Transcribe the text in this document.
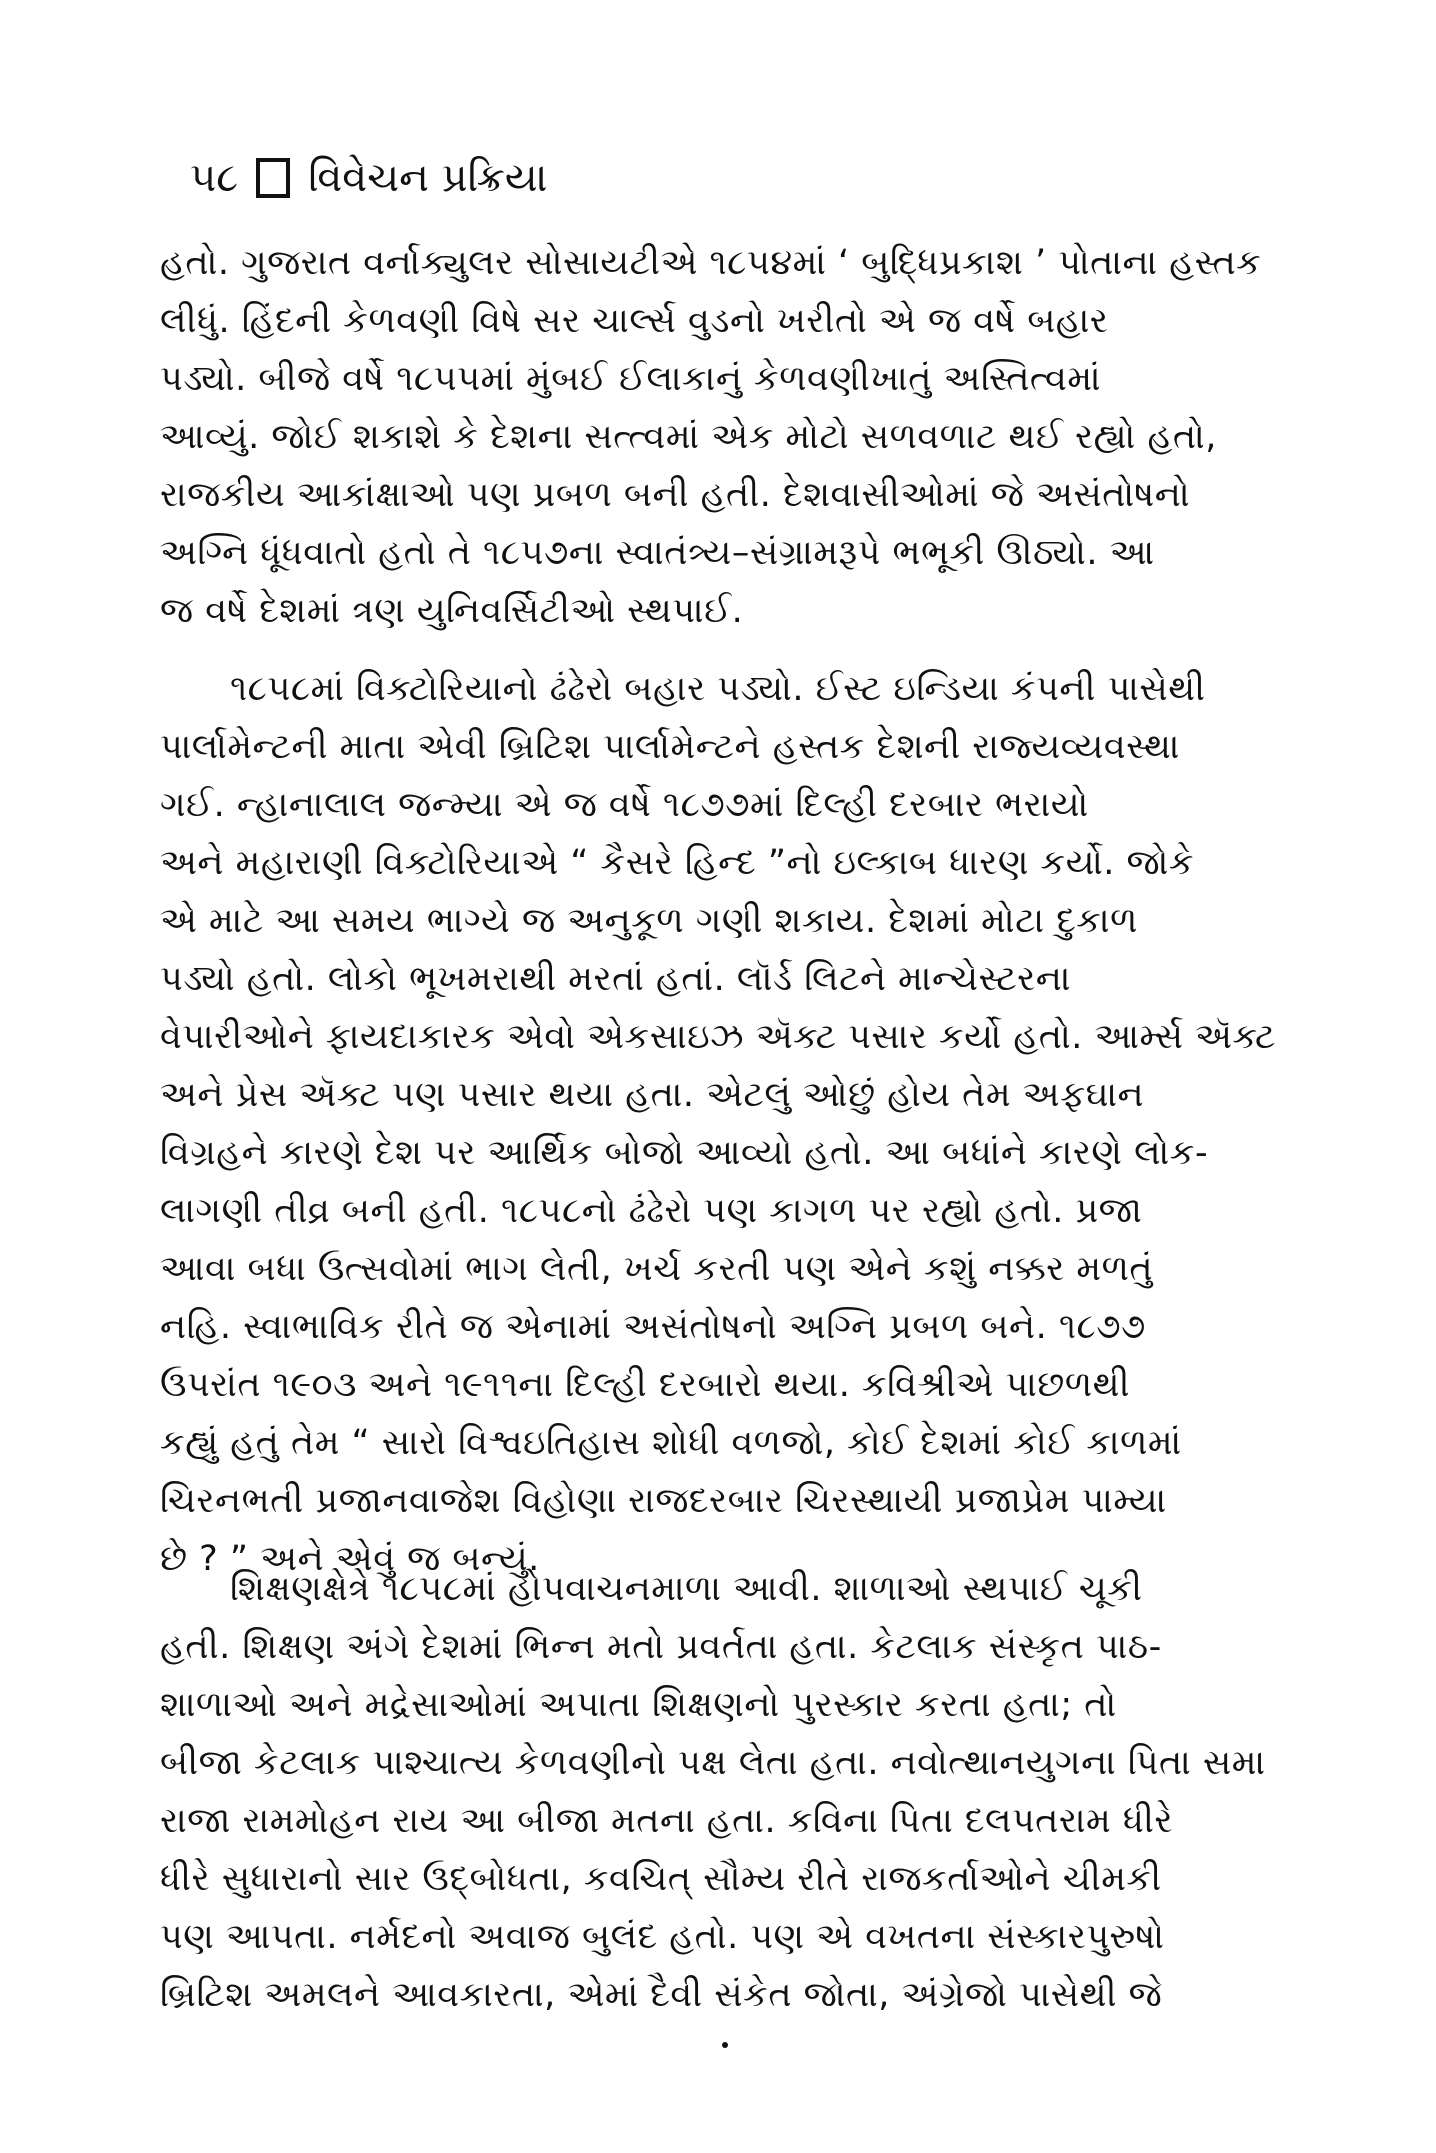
૫૮ વિવેચન પ્રક્રિયા
હતો. ગુજરાત વર્નાક્યુલર સોસાયટીએ ૧૮૫૪માં ‘ બુદ્ધિપ્રકાશ ’ પોતાના હસ્તક
લીધું. હિંદની કેળવણી વિષે સર ચાર્લ્સ વુડનો ખરીતો એ જ વર્ષે બહાર
પડ્યો. બીજે વર્ષે ૧૮૫૫માં મુંબઈ ઈલાકાનું કેળવણીખાતું અસ્તિત્વમાં
આવ્યું. જોઈ શકાશે કે દેશના સત્ત્વમાં એક મોટો સળવળાટ થઈ રહ્યો હતો,
રાજકીય આકાંક્ષાઓ પણ પ્રબળ બની હતી. દેશવાસીઓમાં જે અસંતોષનો
અગ્નિ ધૂંધવાતો હતો તે ૧૮૫૭ના સ્વાતંત્ર્ય–સંગ્રામરૂપે ભભૂકી ઊઠ્યો. આ
જ વર્ષે દેશમાં ત્રણ યુનિવર્સિટીઓ સ્થપાઈ.
૧૮૫૮માં વિક્ટોરિયાનો ઢંઢેરો બહાર પડ્યો. ઈસ્ટ ઇન્ડિયા કંપની પાસેથી
પાર્લામેન્ટની માતા એવી બ્રિટિશ પાર્લામેન્ટને હસ્તક દેશની રાજ્યવ્યવસ્થા
ગઈ. ન્હાનાલાલ જન્મ્યા એ જ વર્ષે ૧૮૭૭માં દિલ્હી દરબાર ભરાયો
અને મહારાણી વિક્ટોરિયાએ “ કૈસરે હિન્દ ”નો ઇલ્કાબ ધારણ કર્યો. જોકે
એ માટે આ સમય ભાગ્યે જ અનુકૂળ ગણી શકાય. દેશમાં મોટા દુકાળ
પડ્યો હતો. લોકો ભૂખમરાથી મરતાં હતાં. લૉર્ડ લિટને માન્ચેસ્ટરના
વેપારીઓને ફાયદાકારક એવો એકસાઇઝ ઍક્ટ પસાર કર્યો હતો. આર્મ્સ ઍક્ટ
અને પ્રેસ ઍક્ટ પણ પસાર થયા હતા. એટલું ઓછું હોય તેમ અફઘાન
વિગ્રહને કારણે દેશ પર આર્થિક બોજો આવ્યો હતો. આ બધાંને કારણે લોક-
લાગણી તીવ્ર બની હતી. ૧૮૫૮નો ઢંઢેરો પણ કાગળ પર રહ્યો હતો. પ્રજા
આવા બધા ઉત્સવોમાં ભાગ લેતી, ખર્ચ કરતી પણ એને કશું નક્કર મળતું
નહિ. સ્વાભાવિક રીતે જ એનામાં અસંતોષનો અગ્નિ પ્રબળ બને. ૧૮૭૭
ઉપરાંત ૧૯૦૩ અને ૧૯૧૧ના દિલ્હી દરબારો થયા. કવિશ્રીએ પાછળથી
કહ્યું હતું તેમ “ સારો વિશ્વઇતિહાસ શોધી વળજો, કોઈ દેશમાં કોઈ કાળમાં
ચિરનભતી પ્રજાનવાજેશ વિહોણા રાજદરબાર ચિરસ્થાયી પ્રજાપ્રેમ પામ્યા
છે ? ” અને એવું જ બન્યું.
શિક્ષણક્ષેત્રે ૧૮૫૮માં હોપવાચનમાળા આવી. શાળાઓ સ્થપાઈ ચૂકી
હતી. શિક્ષણ અંગે દેશમાં ભિન્ન મતો પ્રવર્તતા હતા. કેટલાક સંસ્કૃત પાઠ-
શાળાઓ અને મદ્રેસાઓમાં અપાતા શિક્ષણનો પુરસ્કાર કરતા હતા; તો
બીજા કેટલાક પાશ્ચાત્ય કેળવણીનો પક્ષ લેતા હતા. નવોત્થાનયુગના પિતા સમા
રાજા રામમોહન રાય આ બીજા મતના હતા. કવિના પિતા દલપતરામ ધીરે
ધીરે સુધારાનો સાર ઉદ્બોધતા, કવચિત્ સૌમ્ય રીતે રાજકર્તાઓને ચીમકી
પણ આપતા. નર્મદનો અવાજ બુલંદ હતો. પણ એ વખતના સંસ્કારપુરુષો
બ્રિટિશ અમલને આવકારતા, એમાં દૈવી સંકેત જોતા, અંગ્રેજો પાસેથી જે
